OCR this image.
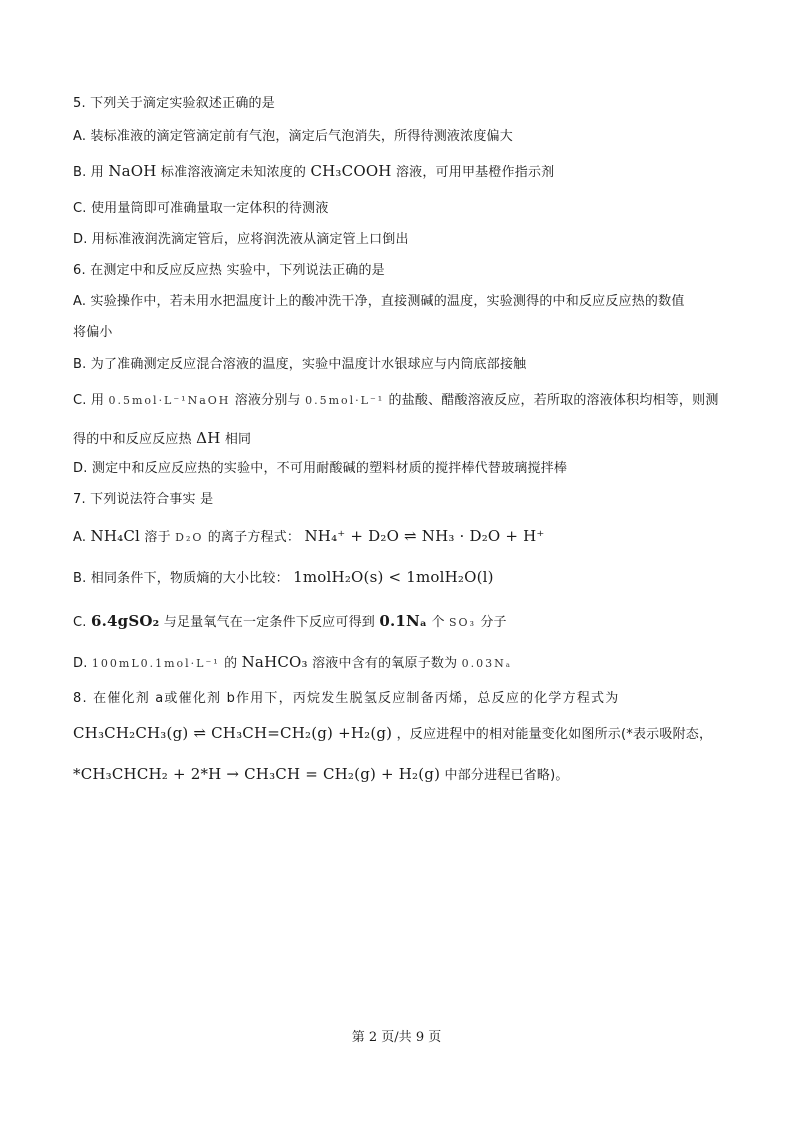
5. 下列关于滴定实验叙述正确的是
A. 装标准液的滴定管滴定前有气泡，滴定后气泡消失，所得待测液浓度偏大
B. 用 NaOH 标准溶液滴定未知浓度的 CH₃COOH 溶液，可用甲基橙作指示剂
C. 使用量筒即可准确量取一定体积的待测液
D. 用标准液润洗滴定管后，应将润洗液从滴定管上口倒出
6. 在测定中和反应反应热 实验中，下列说法正确的是
A. 实验操作中，若未用水把温度计上的酸冲洗干净，直接测碱的温度，实验测得的中和反应反应热的数值
将偏小
B. 为了准确测定反应混合溶液的温度，实验中温度计水银球应与内筒底部接触
C. 用 0.5mol·L⁻¹NaOH 溶液分别与 0.5mol·L⁻¹ 的盐酸、醋酸溶液反应，若所取的溶液体积均相等，则测
得的中和反应反应热 ΔH 相同
D. 测定中和反应反应热的实验中，不可用耐酸碱的塑料材质的搅拌棒代替玻璃搅拌棒
7. 下列说法符合事实 是
A. NH₄Cl 溶于 D₂O 的离子方程式： NH₄⁺ + D₂O ⇌ NH₃ · D₂O + H⁺
B. 相同条件下，物质熵的大小比较： 1molH₂O(s) < 1molH₂O(l)
C. 6.4gSO₂ 与足量氧气在一定条件下反应可得到 0.1Nₐ 个 SO₃ 分子
D. 100mL0.1mol·L⁻¹ 的 NaHCO₃ 溶液中含有的氧原子数为 0.03Nₐ
8. 在催化剂 a或催化剂 b作用下，丙烷发生脱氢反应制备丙烯，总反应的化学方程式为
CH₃CH₂CH₃(g) ⇌ CH₃CH=CH₂(g) +H₂(g) ，反应进程中的相对能量变化如图所示(*表示吸附态，
*CH₃CHCH₂ + 2*H → CH₃CH = CH₂(g) + H₂(g) 中部分进程已省略)。
第 2 页/共 9 页
